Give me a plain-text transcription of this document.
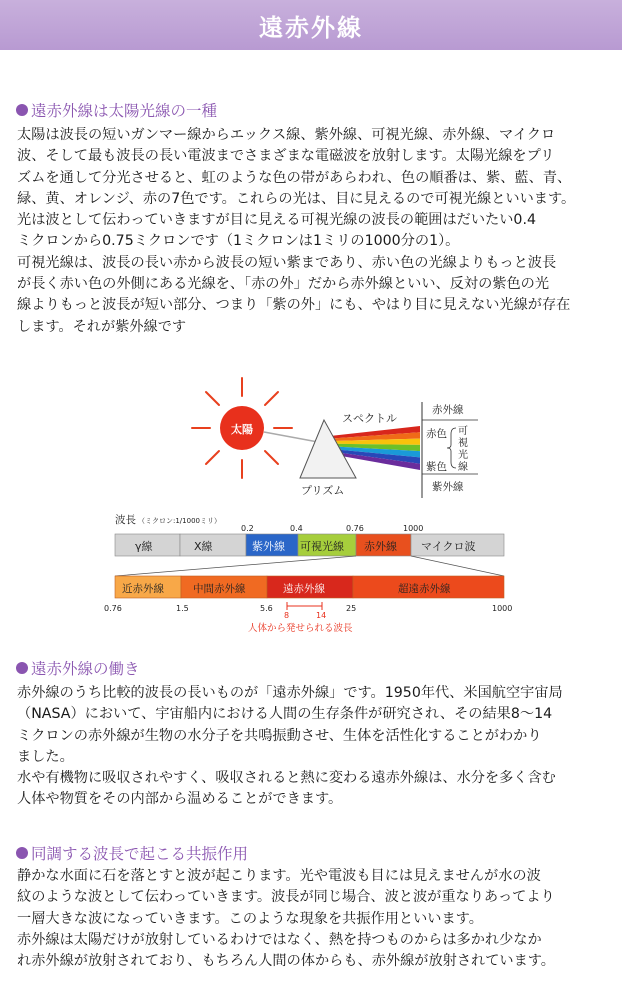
遠赤外線
遠赤外線は太陽光線の一種
太陽は波長の短いガンマー線からエックス線、紫外線、可視光線、赤外線、マイクロ
波、そして最も波長の長い電波までさまざまな電磁波を放射します。太陽光線をプリ
ズムを通して分光させると、虹のような色の帯があらわれ、色の順番は、紫、藍、青、
緑、黄、オレンジ、赤の7色です。これらの光は、目に見えるので可視光線といいます。
光は波として伝わっていきますが目に見える可視光線の波長の範囲はだいたい0.4
ミクロンから0.75ミクロンです（1ミクロンは1ミリの1000分の1）。
可視光線は、波長の長い赤から波長の短い紫まであり、赤い色の光線よりもっと波長
が長く赤い色の外側にある光線を、「赤の外」だから赤外線といい、反対の紫色の光
線よりもっと波長が短い部分、つまり「紫の外」にも、やはり目に見えない光線が存在
します。それが紫外線です
太陽
スペクトル
プリズム
赤外線
赤色
紫色
可
視
光
線
紫外線
波長 （ミクロン:1/1000ミリ）
γ線	X線	紫外線 可視光線 赤外線 マイクロ波
0.2	0.4	0.76	1000
近赤外線	中間赤外線	遠赤外線	超遠赤外線
0.76	1.5	5.6	25	1000
8	14
人体から発せられる波長
遠赤外線の働き
赤外線のうち比較的波長の長いものが「遠赤外線」です。1950年代、米国航空宇宙局
（NASA）において、宇宙船内における人間の生存条件が研究され、その結果8～14
ミクロンの赤外線が生物の水分子を共鳴振動させ、生体を活性化することがわかり
ました。
水や有機物に吸収されやすく、吸収されると熱に変わる遠赤外線は、水分を多く含む
人体や物質をその内部から温めることができます。
同調する波長で起こる共振作用
静かな水面に石を落とすと波が起こります。光や電波も目には見えませんが水の波
紋のような波として伝わっていきます。波長が同じ場合、波と波が重なりあってより
一層大きな波になっていきます。このような現象を共振作用といいます。
赤外線は太陽だけが放射しているわけではなく、熱を持つものからは多かれ少なか
れ赤外線が放射されており、もちろん人間の体からも、赤外線が放射されています。
